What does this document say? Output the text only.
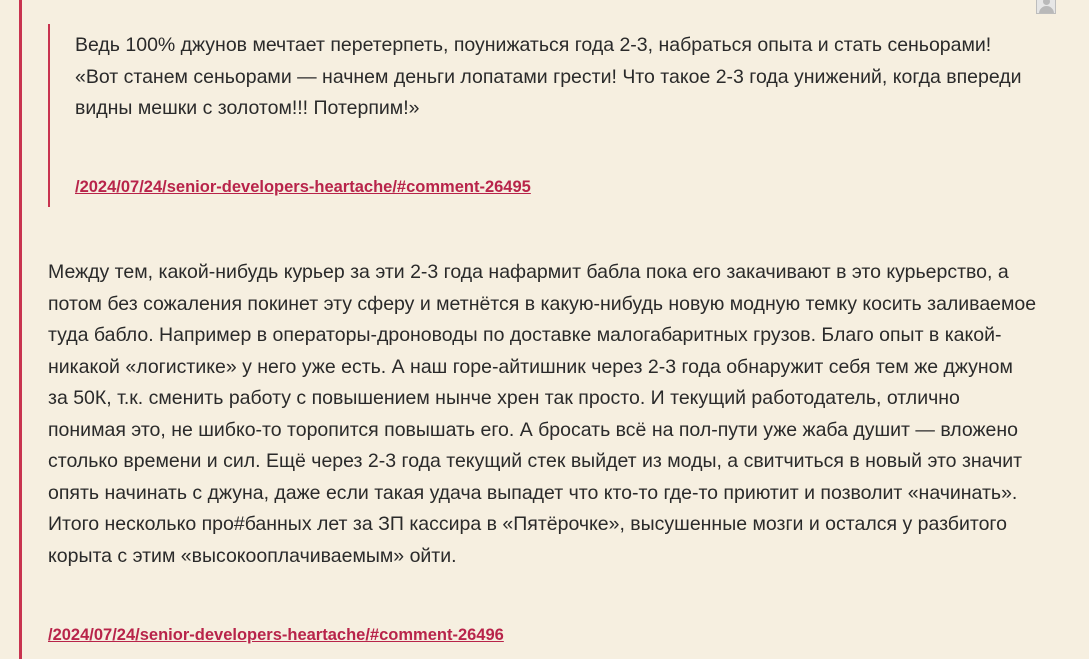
Ведь 100% джунов мечтает перетерпеть, поунижаться года 2-3, набраться опыта и стать сеньорами!

«Вот станем сеньорами — начнем деньги лопатами грести! Что такое 2-3 года унижений, когда впереди видны мешки с золотом!!! Потерпим!»

/2024/07/24/senior-developers-heartache/#comment-26495

Между тем, какой-нибудь курьер за эти 2-3 года нафармит бабла пока его закачивают в это курьерство, а потом без сожаления покинет эту сферу и метнётся в какую-нибудь новую модную темку косить заливаемое туда бабло. Например в операторы-дроноводы по доставке малогабаритных грузов. Благо опыт в какой-никакой «логистике» у него уже есть. А наш горе-айтишник через 2-3 года обнаружит себя тем же джуном за 50К, т.к. сменить работу с повышением нынче хрен так просто. И текущий работодатель, отлично понимая это, не шибко-то торопится повышать его. А бросать всё на пол-пути уже жаба душит — вложено столько времени и сил. Ещё через 2-3 года текущий стек выйдет из моды, а свитчиться в новый это значит опять начинать с джуна, даже если такая удача выпадет что кто-то где-то приютит и позволит «начинать». Итого несколько про#банных лет за ЗП кассира в «Пятёрочке», высушенные мозги и остался у разбитого корыта с этим «высокооплачиваемым» ойти.

/2024/07/24/senior-developers-heartache/#comment-26496
